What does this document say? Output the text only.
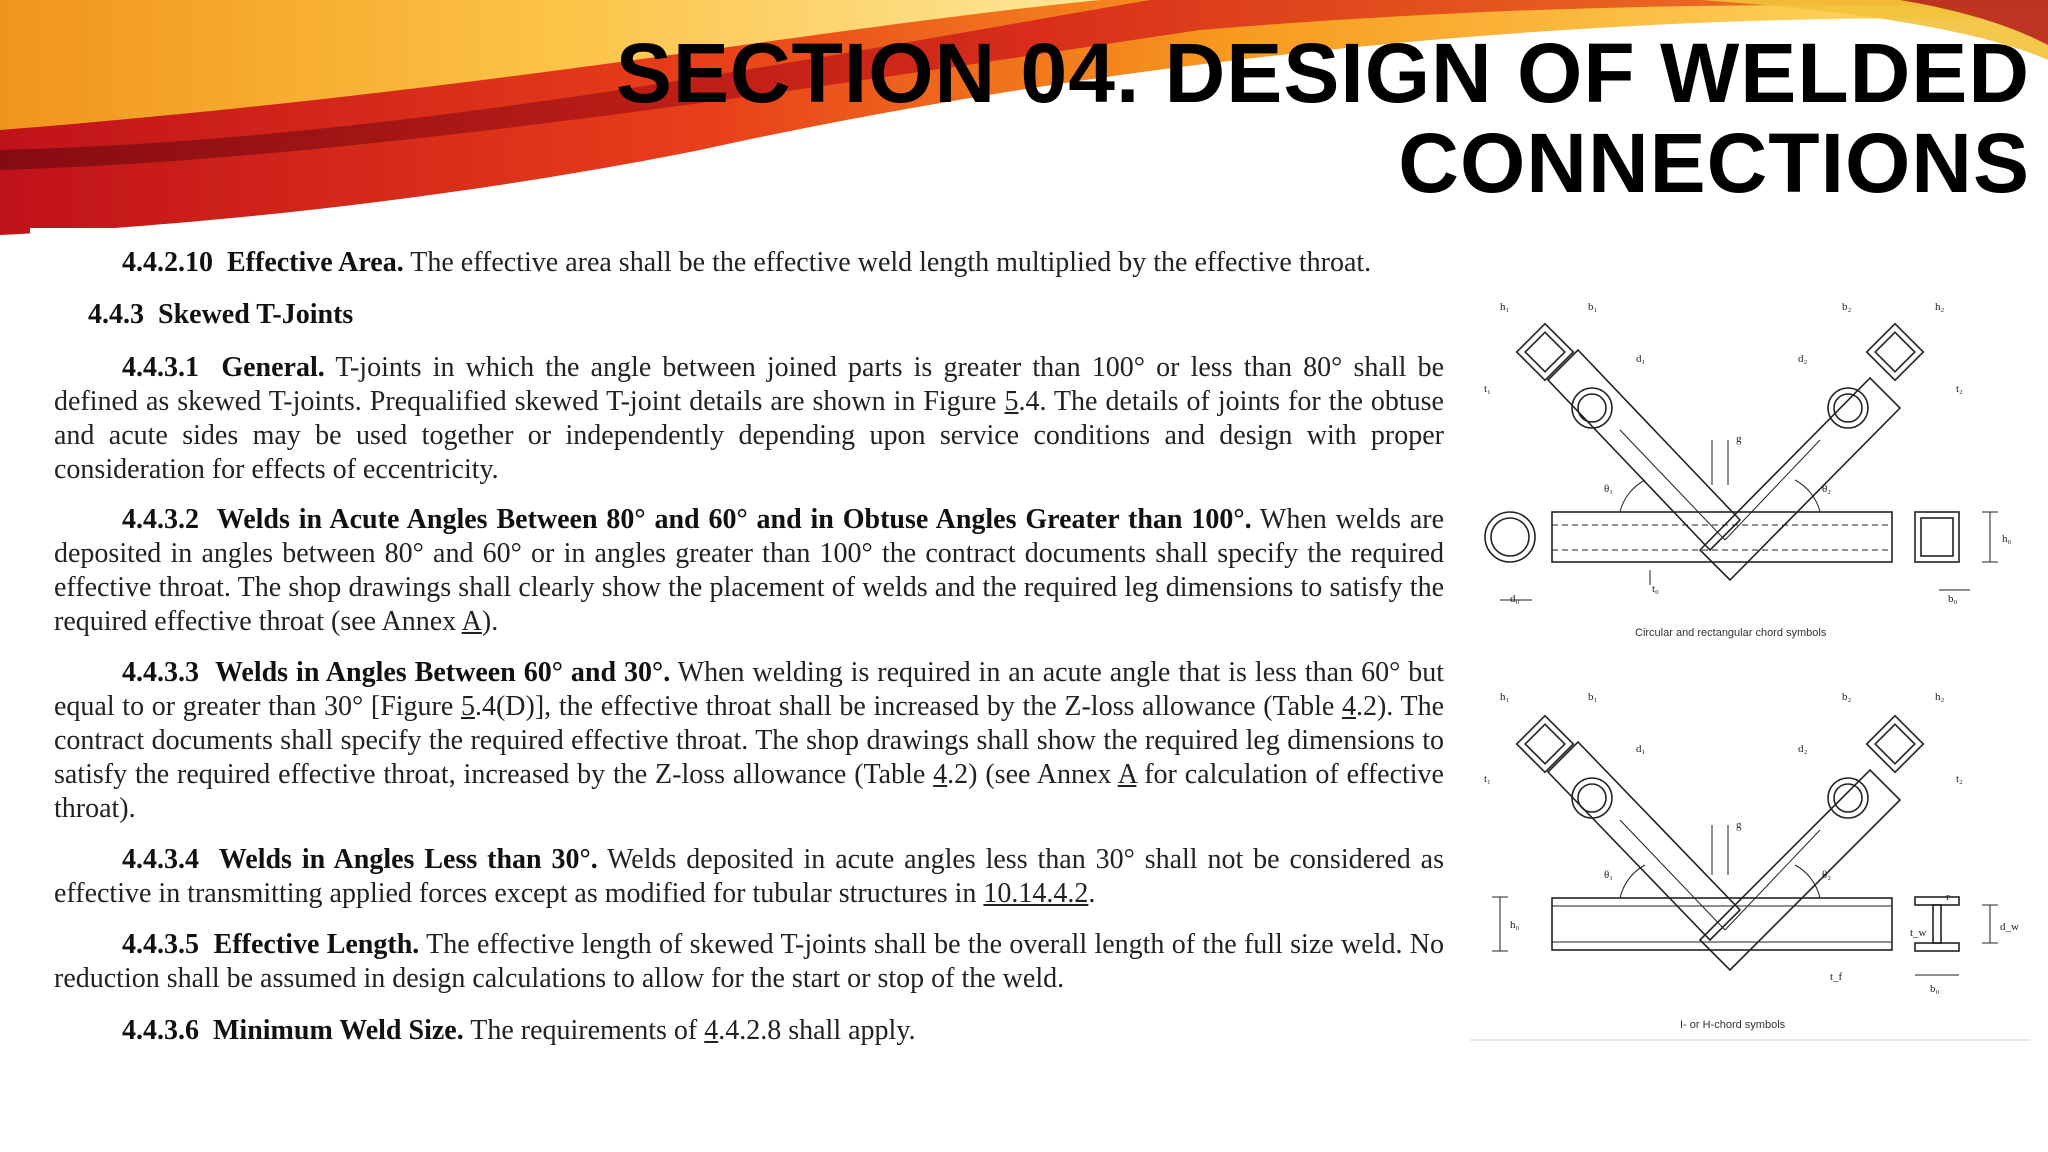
SECTION 04. DESIGN OF WELDED
CONNECTIONS
4.4.2.10 Effective Area. The effective area shall be the effective weld length multiplied by the effective throat.
4.4.3 Skewed T-Joints
4.4.3.1 General. T-joints in which the angle between joined parts is greater than 100° or less than 80° shall be defined as skewed T-joints. Prequalified skewed T-joint details are shown in Figure 5.4. The details of joints for the obtuse and acute sides may be used together or independently depending upon service conditions and design with proper consideration for effects of eccentricity.
4.4.3.2 Welds in Acute Angles Between 80° and 60° and in Obtuse Angles Greater than 100°. When welds are deposited in angles between 80° and 60° or in angles greater than 100° the contract documents shall specify the required effective throat. The shop drawings shall clearly show the placement of welds and the required leg dimensions to satisfy the required effective throat (see Annex A).
4.4.3.3 Welds in Angles Between 60° and 30°. When welding is required in an acute angle that is less than 60° but equal to or greater than 30° [Figure 5.4(D)], the effective throat shall be increased by the Z-loss allowance (Table 4.2). The contract documents shall specify the required effective throat. The shop drawings shall show the required leg dimensions to satisfy the required effective throat, increased by the Z-loss allowance (Table 4.2) (see Annex A for calculation of effective throat).
4.4.3.4 Welds in Angles Less than 30°. Welds deposited in acute angles less than 30° shall not be considered as effective in transmitting applied forces except as modified for tubular structures in 10.14.4.2.
4.4.3.5 Effective Length. The effective length of skewed T-joints shall be the overall length of the full size weld. No reduction shall be assumed in design calculations to allow for the start or stop of the weld.
4.4.3.6 Minimum Weld Size. The requirements of 4.4.2.8 shall apply.
h₁	b₁	b₂	h₂
d₁	d₂
t₁	t₂
g
θ₁	θ₂
h₀
d₀
t₀
b₀
Circular and rectangular chord symbols
h₁	b₁	b₂	h₂
d₁	d₂
t₁	t₂
g
θ₁	θ₂
h₀
t_w
r
d_w
t_f
b₀
I- or H-chord symbols
